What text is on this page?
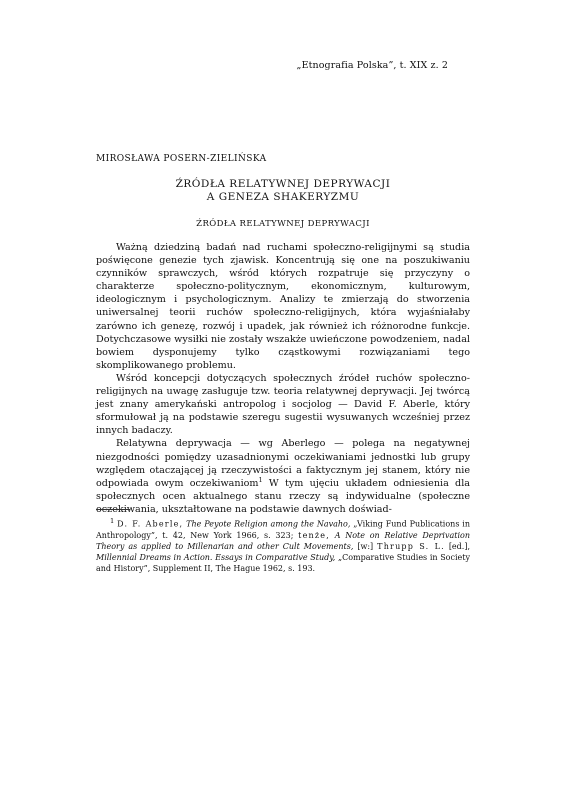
„Etnografia Polska”, t. XIX z. 2
MIROSŁAWA POSERN-ZIELIŃSKA
ŹRÓDŁA RELATYWNEJ DEPRYWACJI
A GENEZA SHAKERYZMU
ŹRÓDŁA RELATYWNEJ DEPRYWACJI

Ważną dziedziną badań nad ruchami społeczno-religijnymi są studia poświęcone genezie tych zjawisk. Koncentrują się one na poszukiwaniu czynników sprawczych, wśród których rozpatruje się przyczyny o charakterze społeczno-politycznym, ekonomicznym, kulturowym, ideologicznym i psychologicznym. Analizy te zmierzają do stworzenia uniwersalnej teorii ruchów społeczno-religijnych, która wyjaśniałaby zarówno ich genezę, rozwój i upadek, jak również ich różnorodne funkcje. Dotychczasowe wysiłki nie zostały wszakże uwieńczone powodzeniem, nadal bowiem dysponujemy tylko cząstkowymi rozwiązaniami tego skomplikowanego problemu.

Wśród koncepcji dotyczących społecznych źródeł ruchów społeczno-religijnych na uwagę zasługuje tzw. teoria relatywnej deprywacji. Jej twórcą jest znany amerykański antropolog i socjolog — David F. Aberle, który sformułował ją na podstawie szeregu sugestii wysuwanych wcześniej przez innych badaczy.

Relatywna deprywacja — wg Aberlego — polega na negatywnej niezgodności pomiędzy uzasadnionymi oczekiwaniami jednostki lub grupy względem otaczającej ją rzeczywistości a faktycznym jej stanem, który nie odpowiada owym oczekiwaniom$^1$ W tym ujęciu układem odniesienia dla społecznych ocen aktualnego stanu rzeczy są indywidualne (społeczne oczekiwania, ukształtowane na podstawie dawnych doświad-

$^1$ D. F. Aberle, The Peyote Religion among the Navaho, „Viking Fund Publications in Anthropology”, t. 42, New York 1966, s. 323; tenże, A Note on Relative Deprivation Theory as applied to Millenarian and other Cult Movements, [w:] Thrupp S. L. [ed.], Millennial Dreams in Action. Essays in Comparative Study, „Comparative Studies in Society and History”, Supplement II, The Hague 1962, s. 193.
